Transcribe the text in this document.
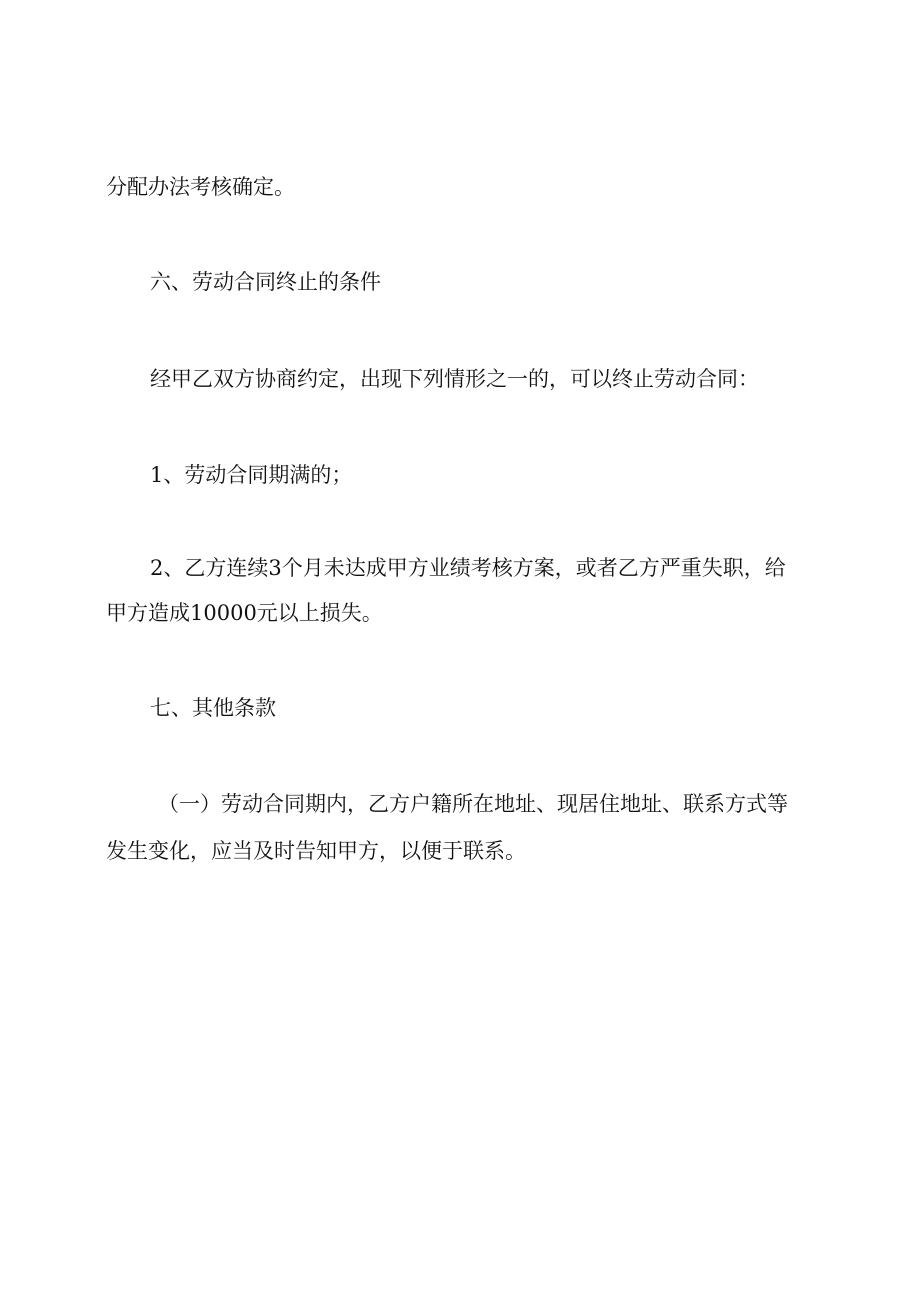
分配办法考核确定。

六、劳动合同终止的条件

经甲乙双方协商约定，出现下列情形之一的，可以终止劳动合同：

1、劳动合同期满的；

2、乙方连续3个月未达成甲方业绩考核方案，或者乙方严重失职，给

甲方造成10000元以上损失。

七、其他条款

（一）劳动合同期内，乙方户籍所在地址、现居住地址、联系方式等

发生变化，应当及时告知甲方，以便于联系。
